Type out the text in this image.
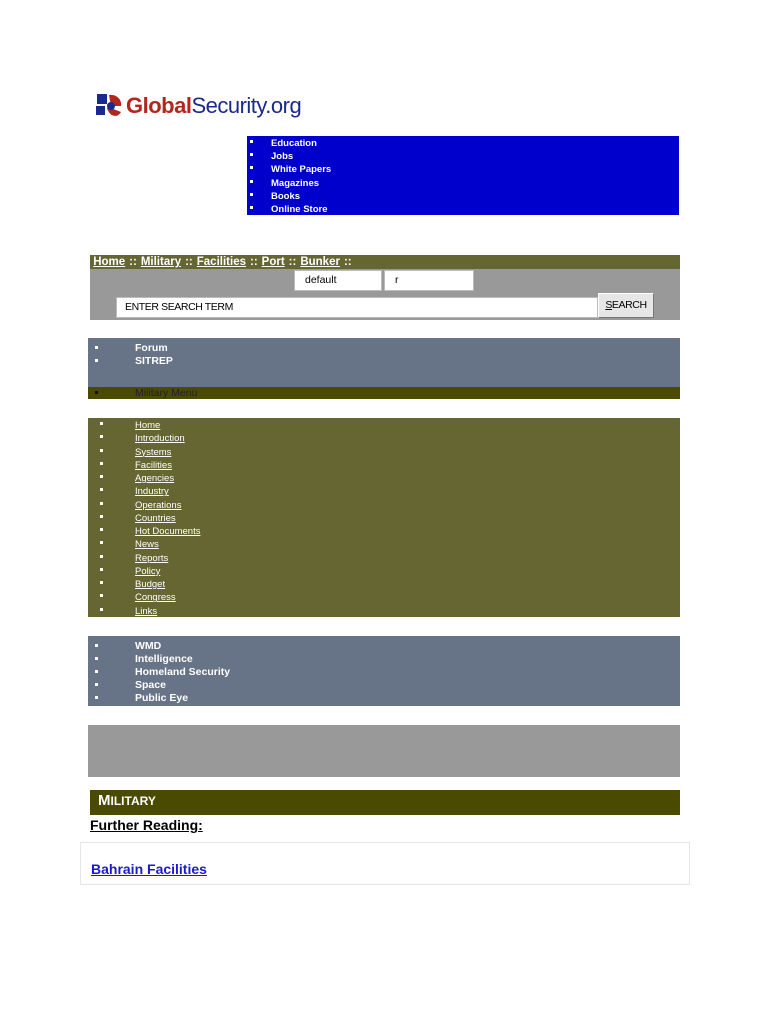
Global Security.org
Education
Jobs
White Papers
Magazines
Books
Online Store
Home :: Military :: Facilities :: Port :: Bunker ::
default	r
ENTER SEARCH TERM	SEARCH
Forum
SITREP
Military Menu
Home
Introduction
Systems
Facilities
Agencies
Industry
Operations
Countries
Hot Documents
News
Reports
Policy
Budget
Congress
Links
WMD
Intelligence
Homeland Security
Space
Public Eye
MILITARY
Further Reading:
Bahrain Facilities
